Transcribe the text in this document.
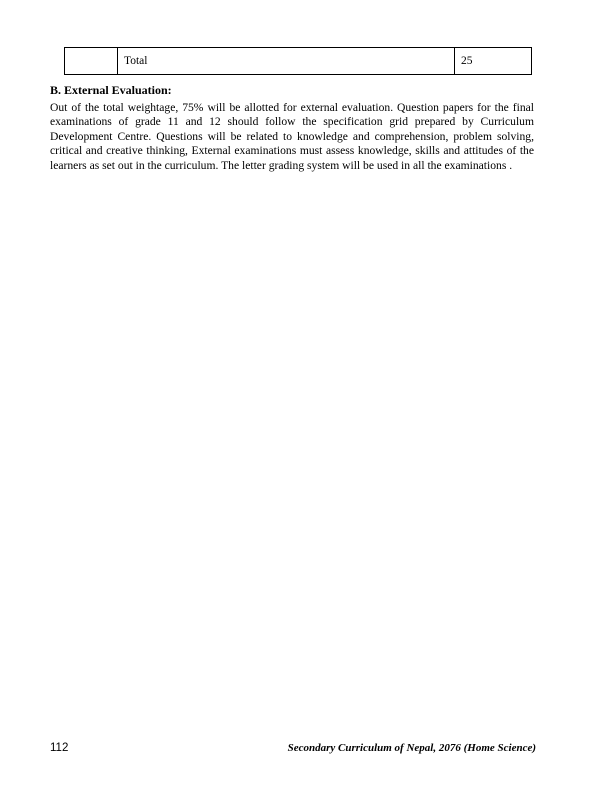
	Total	25
B. External Evaluation:

Out of the total weightage, 75% will be allotted for external evaluation. Question papers for the final examinations of grade 11 and 12 should follow the specification grid prepared by Curriculum Development Centre. Questions will be related to knowledge and comprehension, problem solving, critical and creative thinking, External examinations must assess knowledge, skills and attitudes of the learners as set out in the curriculum. The letter grading system will be used in all the examinations .

112	Secondary Curriculum of Nepal, 2076 (Home Science)
